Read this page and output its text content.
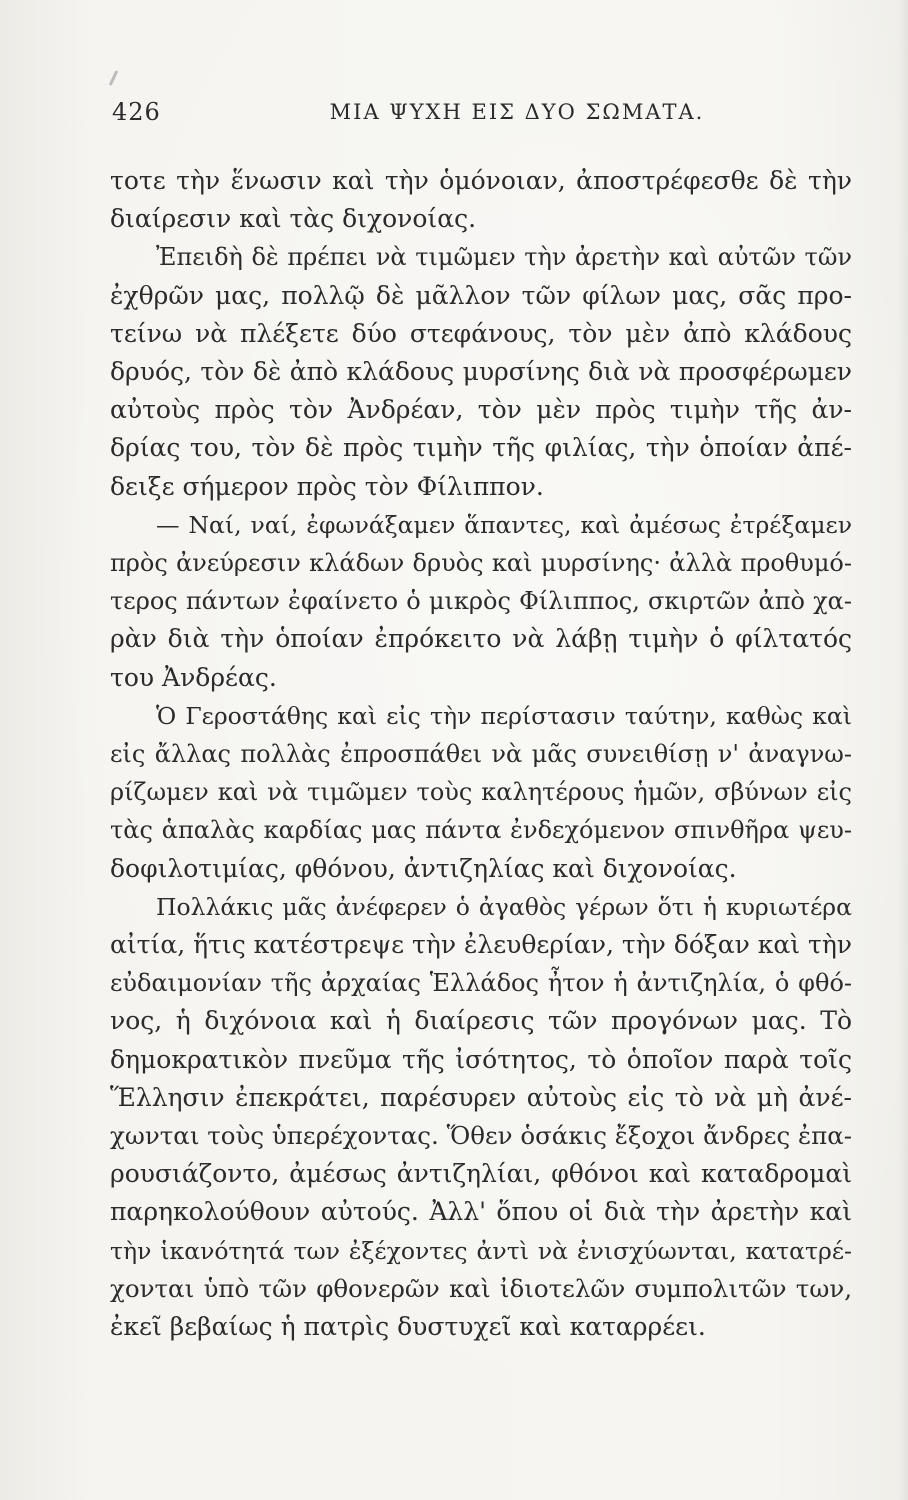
426	ΜΙΑ ΨΥΧΗ ΕΙΣ ΔΥΟ ΣΩΜΑΤΑ.
τοτε τὴν ἕνωσιν καὶ τὴν ὁμόνοιαν, ἀποστρέφεσθε δὲ τὴν
διαίρεσιν καὶ τὰς διχονοίας.
Ἐπειδὴ δὲ πρέπει νὰ τιμῶμεν τὴν ἀρετὴν καὶ αὐτῶν τῶν
ἐχθρῶν μας, πολλῷ δὲ μᾶλλον τῶν φίλων μας, σᾶς προ-
τείνω νὰ πλέξετε δύο στεφάνους, τὸν μὲν ἀπὸ κλάδους
δρυός, τὸν δὲ ἀπὸ κλάδους μυρσίνης διὰ νὰ προσφέρωμεν
αὐτοὺς πρὸς τὸν Ἀνδρέαν, τὸν μὲν πρὸς τιμὴν τῆς ἀν-
δρίας του, τὸν δὲ πρὸς τιμὴν τῆς φιλίας, τὴν ὁποίαν ἀπέ-
δειξε σήμερον πρὸς τὸν Φίλιππον.
— Ναί, ναί, ἐφωνάξαμεν ἅπαντες, καὶ ἀμέσως ἐτρέξαμεν
πρὸς ἀνεύρεσιν κλάδων δρυὸς καὶ μυρσίνης· ἀλλὰ προθυμό-
τερος πάντων ἐφαίνετο ὁ μικρὸς Φίλιππος, σκιρτῶν ἀπὸ χα-
ρὰν διὰ τὴν ὁποίαν ἐπρόκειτο νὰ λάβῃ τιμὴν ὁ φίλτατός
του Ἀνδρέας.
Ὁ Γεροστάθης καὶ εἰς τὴν περίστασιν ταύτην, καθὼς καὶ
εἰς ἄλλας πολλὰς ἐπροσπάθει νὰ μᾶς συνειθίσῃ ν' ἀναγνω-
ρίζωμεν καὶ νὰ τιμῶμεν τοὺς καλητέρους ἡμῶν, σβύνων εἰς
τὰς ἁπαλὰς καρδίας μας πάντα ἐνδεχόμενον σπινθῆρα ψευ-
δοφιλοτιμίας, φθόνου, ἀντιζηλίας καὶ διχονοίας.
Πολλάκις μᾶς ἀνέφερεν ὁ ἀγαθὸς γέρων ὅτι ἡ κυριωτέρα
αἰτία, ἥτις κατέστρεψε τὴν ἐλευθερίαν, τὴν δόξαν καὶ τὴν
εὐδαιμονίαν τῆς ἀρχαίας Ἑλλάδος ἦτον ἡ ἀντιζηλία, ὁ φθό-
νος, ἡ διχόνοια καὶ ἡ διαίρεσις τῶν προγόνων μας. Τὸ
δημοκρατικὸν πνεῦμα τῆς ἰσότητος, τὸ ὁποῖον παρὰ τοῖς
Ἕλλησιν ἐπεκράτει, παρέσυρεν αὐτοὺς εἰς τὸ νὰ μὴ ἀνέ-
χωνται τοὺς ὑπερέχοντας. Ὅθεν ὁσάκις ἔξοχοι ἄνδρες ἐπα-
ρουσιάζοντο, ἀμέσως ἀντιζηλίαι, φθόνοι καὶ καταδρομαὶ
παρηκολούθουν αὐτούς. Ἀλλ' ὅπου οἱ διὰ τὴν ἀρετὴν καὶ
τὴν ἱκανότητά των ἐξέχοντες ἀντὶ νὰ ἐνισχύωνται, κατατρέ-
χονται ὑπὸ τῶν φθονερῶν καὶ ἰδιοτελῶν συμπολιτῶν των,
ἐκεῖ βεβαίως ἡ πατρὶς δυστυχεῖ καὶ καταρρέει.
